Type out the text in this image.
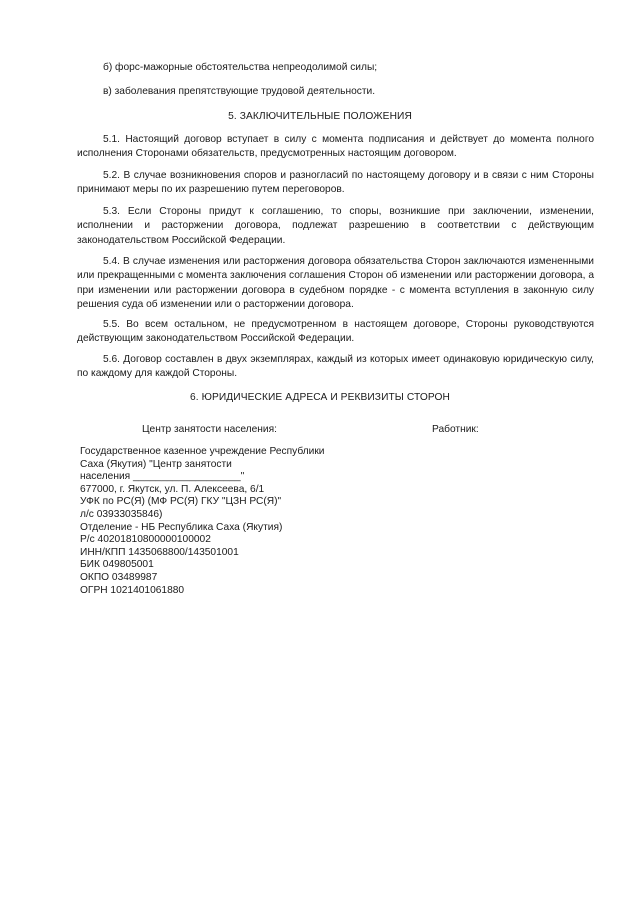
б) форс-мажорные обстоятельства непреодолимой силы;
в) заболевания препятствующие трудовой деятельности.
5. ЗАКЛЮЧИТЕЛЬНЫЕ ПОЛОЖЕНИЯ
5.1. Настоящий договор вступает в силу с момента подписания и действует до момента полного исполнения Сторонами обязательств, предусмотренных настоящим договором.
5.2. В случае возникновения споров и разногласий по настоящему договору и в связи с ним Стороны принимают меры по их разрешению путем переговоров.
5.3. Если Стороны придут к соглашению, то споры, возникшие при заключении, изменении, исполнении и расторжении договора, подлежат разрешению в соответствии с действующим законодательством Российской Федерации.
5.4. В случае изменения или расторжения договора обязательства Сторон заключаются измененными или прекращенными с момента заключения соглашения Сторон об изменении или расторжении договора, а при изменении или расторжении договора в судебном порядке - с момента вступления в законную силу решения суда об изменении или о расторжении договора.
5.5. Во всем остальном, не предусмотренном в настоящем договоре, Стороны руководствуются действующим законодательством Российской Федерации.
5.6. Договор составлен в двух экземплярах, каждый из которых имеет одинаковую юридическую силу, по каждому для каждой Стороны.
6. ЮРИДИЧЕСКИЕ АДРЕСА И РЕКВИЗИТЫ СТОРОН
Центр занятости населения:	Работник:
Государственное казенное учреждение Республики
Саха (Якутия) "Центр занятости
населения ___________________"
677000, г. Якутск, ул. П. Алексеева, 6/1
УФК по РС(Я) (МФ РС(Я) ГКУ "ЦЗН РС(Я)"
л/с 03933035846)
Отделение - НБ Республика Саха (Якутия)
Р/с 40201810800000100002
ИНН/КПП 1435068800/143501001
БИК 049805001
ОКПО 03489987
ОГРН 1021401061880
